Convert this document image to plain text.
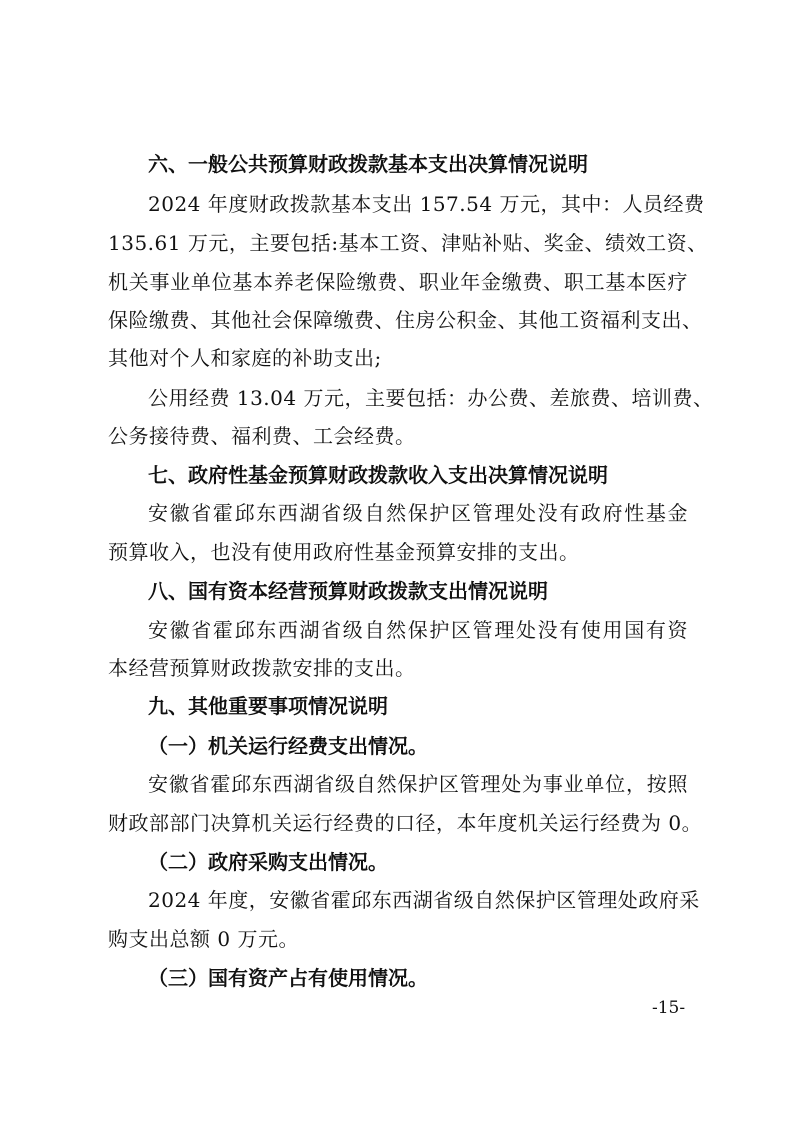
六、一般公共预算财政拨款基本支出决算情况说明
2024 年度财政拨款基本支出 157.54 万元，其中：人员经费
135.61 万元，主要包括:基本工资、津贴补贴、奖金、绩效工资、
机关事业单位基本养老保险缴费、职业年金缴费、职工基本医疗
保险缴费、其他社会保障缴费、住房公积金、其他工资福利支出、
其他对个人和家庭的补助支出;
公用经费 13.04 万元，主要包括：办公费、差旅费、培训费、
公务接待费、福利费、工会经费。
七、政府性基金预算财政拨款收入支出决算情况说明
安徽省霍邱东西湖省级自然保护区管理处没有政府性基金
预算收入，也没有使用政府性基金预算安排的支出。
八、国有资本经营预算财政拨款支出情况说明
安徽省霍邱东西湖省级自然保护区管理处没有使用国有资
本经营预算财政拨款安排的支出。
九、其他重要事项情况说明
（一）机关运行经费支出情况。
安徽省霍邱东西湖省级自然保护区管理处为事业单位，按照
财政部部门决算机关运行经费的口径，本年度机关运行经费为 0。
（二）政府采购支出情况。
2024 年度，安徽省霍邱东西湖省级自然保护区管理处政府采
购支出总额 0 万元。
（三）国有资产占有使用情况。
-15-
